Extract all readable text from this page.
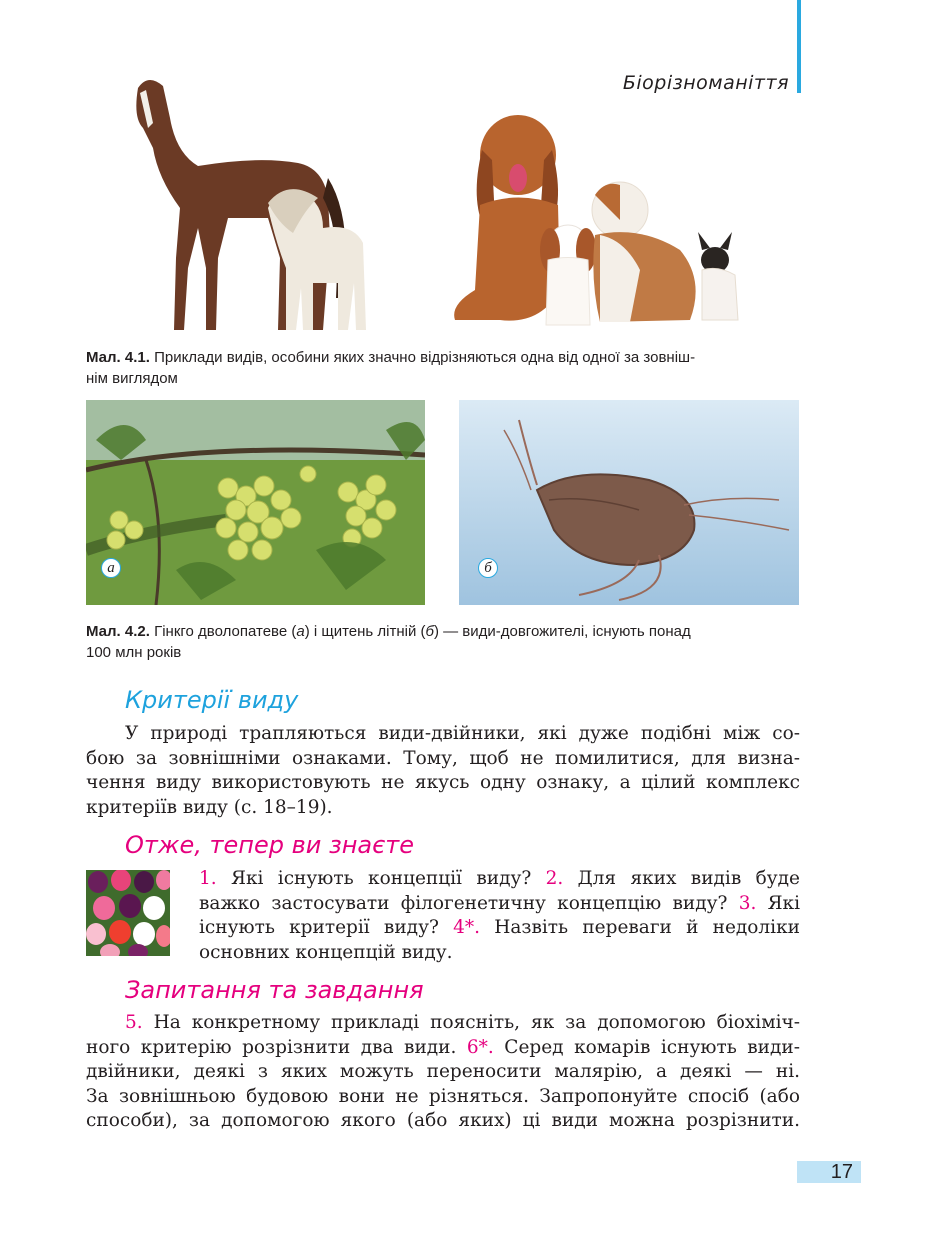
Біорізноманіття
Мал. 4.1. Приклади видів, особини яких значно відрізняються одна від одної за зовніш-
нім виглядом
а	б
Мал. 4.2. Гінкго дволопатеве (а) і щитень літній (б) — види-довгожителі, існують понад
100 млн років
Критерії виду
У природі трапляються види-двійники, які дуже подібні між со-
бою за зовнішніми ознаками. Тому, щоб не помилитися, для визна-
чення виду використовують не якусь одну ознаку, а цілий комплекс
критеріїв виду (с. 18–19).
Отже, тепер ви знаєте
1. Які існують концепції виду? 2. Для яких видів буде
важко застосувати філогенетичну концепцію виду? 3. Які
існують критерії виду? 4*. Назвіть переваги й недоліки
основних концепцій виду.
Запитання та завдання
5. На конкретному прикладі поясніть, як за допомогою біохіміч-
ного критерію розрізнити два види. 6*. Серед комарів існують види-
двійники, деякі з яких можуть переносити малярію, а деякі — ні.
За зовнішньою будовою вони не різняться. Запропонуйте спосіб (або
способи), за допомогою якого (або яких) ці види можна розрізнити.
17
